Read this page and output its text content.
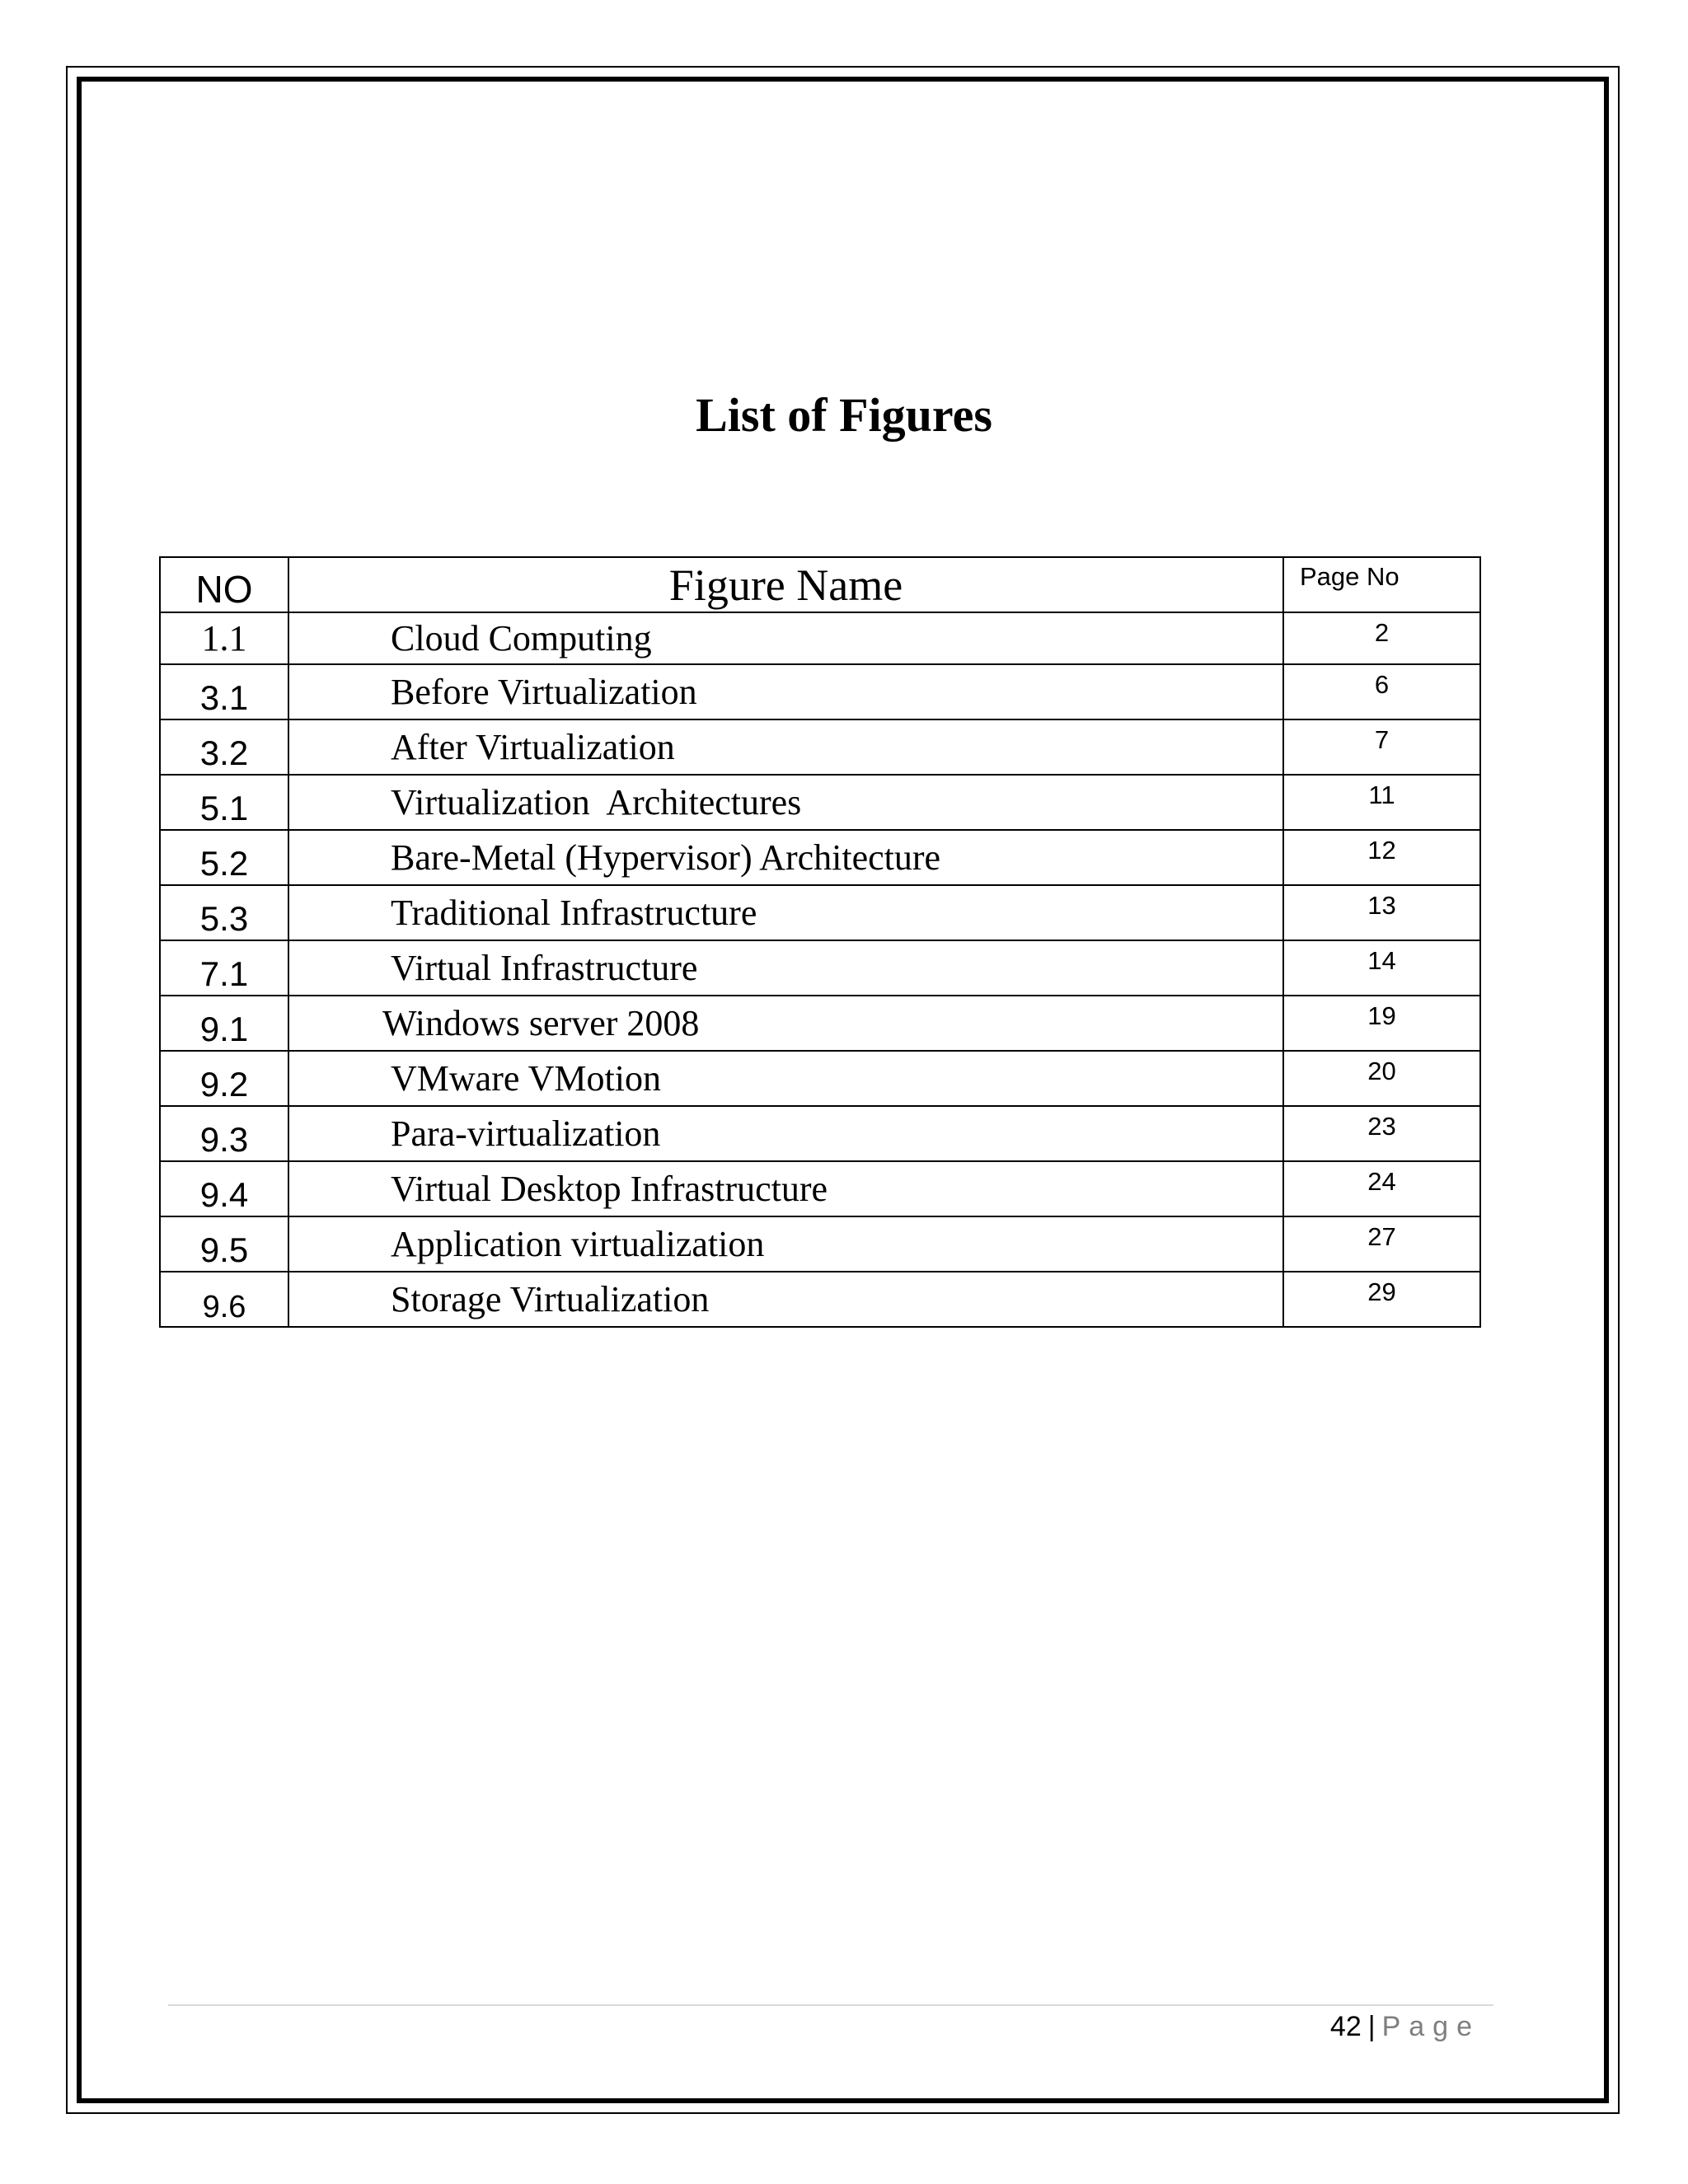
List of Figures
NO	Figure Name	Page No
1.1	Cloud Computing	2
3.1	Before Virtualization	6
3.2	After Virtualization	7
5.1	Virtualization  Architectures	11
5.2	Bare-Metal (Hypervisor) Architecture	12
5.3	Traditional Infrastructure	13
7.1	Virtual Infrastructure	14
9.1	Windows server 2008	19
9.2	VMware VMotion	20
9.3	Para-virtualization	23
9.4	Virtual Desktop Infrastructure	24
9.5	Application virtualization	27
9.6	Storage Virtualization	29
42 | Page
